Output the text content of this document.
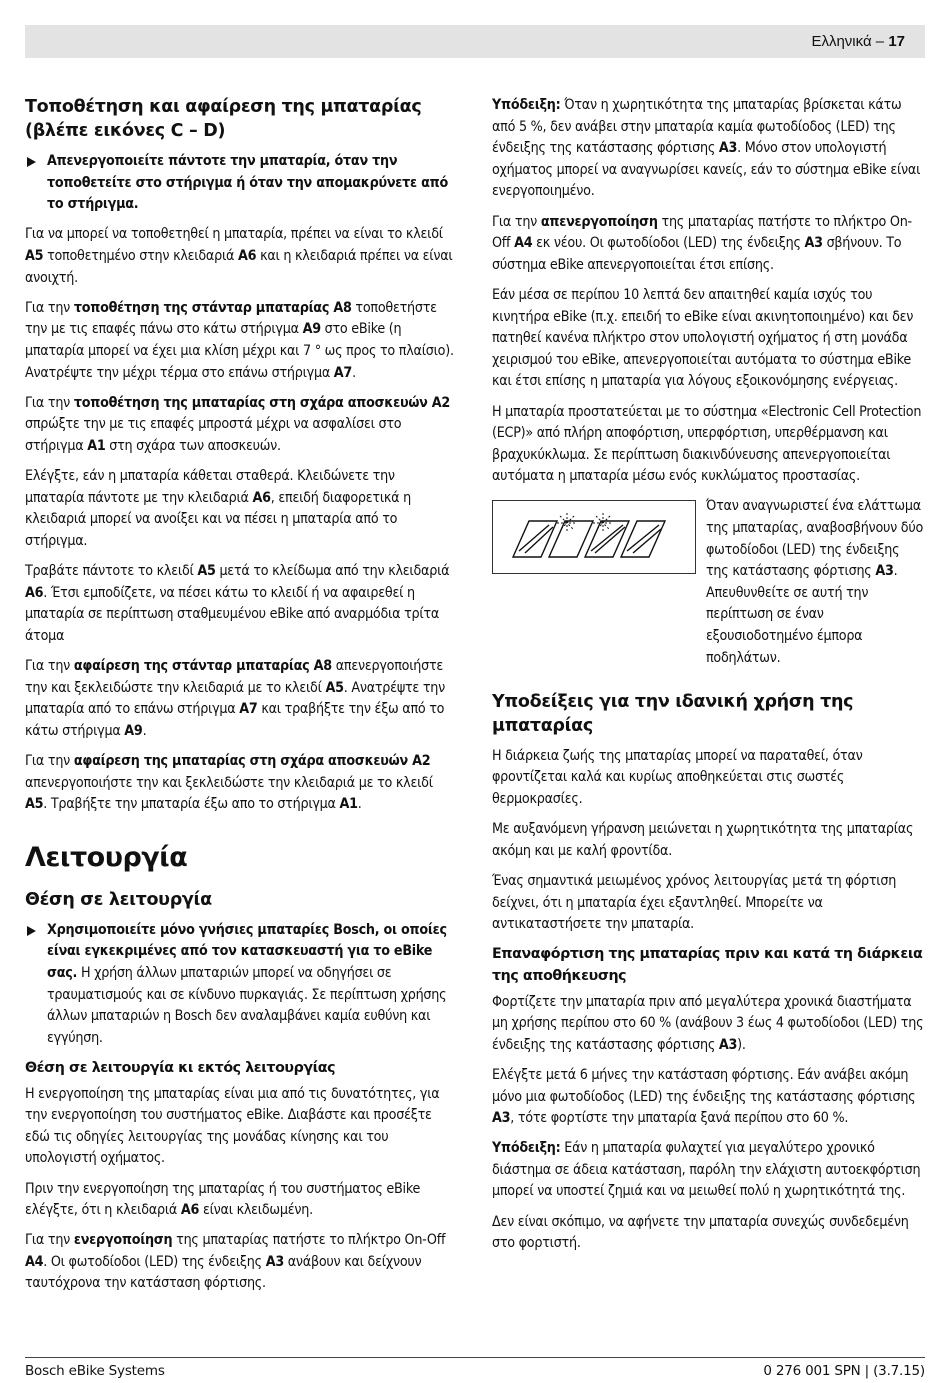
Ελληνικά – 17
Τοποθέτηση και αφαίρεση της μπαταρίας (βλέπε εικόνες C – D)

Απενεργοποιείτε πάντοτε την μπαταρία, όταν την τοποθετείτε στο στήριγμα ή όταν την απομακρύνετε από το στήριγμα.

Για να μπορεί να τοποθετηθεί η μπαταρία, πρέπει να είναι το κλειδί A5 τοποθετημένο στην κλειδαριά A6 και η κλειδαριά πρέπει να είναι ανοιχτή.

Για την τοποθέτηση της στάνταρ μπαταρίας A8 τοποθετήστε την με τις επαφές πάνω στο κάτω στήριγμα A9 στο eBike (η μπαταρία μπορεί να έχει μια κλίση μέχρι και 7 ° ως προς το πλαίσιο). Ανατρέψτε την μέχρι τέρμα στο επάνω στήριγμα A7.

Για την τοποθέτηση της μπαταρίας στη σχάρα αποσκευών A2 σπρώξτε την με τις επαφές μπροστά μέχρι να ασφαλίσει στο στήριγμα A1 στη σχάρα των αποσκευών.

Ελέγξτε, εάν η μπαταρία κάθεται σταθερά. Κλειδώνετε την μπαταρία πάντοτε με την κλειδαριά A6, επειδή διαφορετικά η κλειδαριά μπορεί να ανοίξει και να πέσει η μπαταρία από το στήριγμα.

Τραβάτε πάντοτε το κλειδί A5 μετά το κλείδωμα από την κλειδαριά A6. Έτσι εμποδίζετε, να πέσει κάτω το κλειδί ή να αφαιρεθεί η μπαταρία σε περίπτωση σταθμευμένου eBike από αναρμόδια τρίτα άτομα

Για την αφαίρεση της στάνταρ μπαταρίας A8 απενεργοποιήστε την και ξεκλειδώστε την κλειδαριά με το κλειδί A5. Ανατρέψτε την μπαταρία από το επάνω στήριγμα A7 και τραβήξτε την έξω από το κάτω στήριγμα A9.

Για την αφαίρεση της μπαταρίας στη σχάρα αποσκευών A2 απενεργοποιήστε την και ξεκλειδώστε την κλειδαριά με το κλειδί A5. Τραβήξτε την μπαταρία έξω απο το στήριγμα A1.

Λειτουργία
Θέση σε λειτουργία

Χρησιμοποιείτε μόνο γνήσιες μπαταρίες Bosch, οι οποίες είναι εγκεκριμένες από τον κατασκευαστή για το eBike σας. Η χρήση άλλων μπαταριών μπορεί να οδηγήσει σε τραυματισμούς και σε κίνδυνο πυρκαγιάς. Σε περίπτωση χρήσης άλλων μπαταριών η Bosch δεν αναλαμβάνει καμία ευθύνη και εγγύηση.

Θέση σε λειτουργία κι εκτός λειτουργίας

Η ενεργοποίηση της μπαταρίας είναι μια από τις δυνατότητες, για την ενεργοποίηση του συστήματος eBike. Διαβάστε και προσέξτε εδώ τις οδηγίες λειτουργίας της μονάδας κίνησης και του υπολογιστή οχήματος.

Πριν την ενεργοποίηση της μπαταρίας ή του συστήματος eBike ελέγξτε, ότι η κλειδαριά A6 είναι κλειδωμένη.

Για την ενεργοποίηση της μπαταρίας πατήστε το πλήκτρο On-Off A4. Οι φωτοδίοδοι (LED) της ένδειξης A3 ανάβουν και δείχνουν ταυτόχρονα την κατάσταση φόρτισης.

Υπόδειξη: Όταν η χωρητικότητα της μπαταρίας βρίσκεται κάτω από 5 %, δεν ανάβει στην μπαταρία καμία φωτοδίοδος (LED) της ένδειξης της κατάστασης φόρτισης A3. Μόνο στον υπολογιστή οχήματος μπορεί να αναγνωρίσει κανείς, εάν το σύστημα eBike είναι ενεργοποιημένο.

Για την απενεργοποίηση της μπαταρίας πατήστε το πλήκτρο On-Off A4 εκ νέου. Οι φωτοδίοδοι (LED) της ένδειξης A3 σβήνουν. Το σύστημα eBike απενεργοποιείται έτσι επίσης.

Εάν μέσα σε περίπου 10 λεπτά δεν απαιτηθεί καμία ισχύς του κινητήρα eBike (π.χ. επειδή το eBike είναι ακινητοποιημένο) και δεν πατηθεί κανένα πλήκτρο στον υπολογιστή οχήματος ή στη μονάδα χειρισμού του eBike, απενεργοποιείται αυτόματα το σύστημα eBike και έτσι επίσης η μπαταρία για λόγους εξοικονόμησης ενέργειας.

Η μπαταρία προστατεύεται με το σύστημα «Electronic Cell Protection (ECP)» από πλήρη αποφόρτιση, υπερφόρτιση, υπερθέρμανση και βραχυκύκλωμα. Σε περίπτωση διακινδύνευσης απενεργοποιείται αυτόματα η μπαταρία μέσω ενός κυκλώματος προστασίας.

Όταν αναγνωριστεί ένα ελάττωμα της μπαταρίας, αναβοσβήνουν δύο φωτοδίοδοι (LED) της ένδειξης της κατάστασης φόρτισης A3. Απευθυνθείτε σε αυτή την περίπτωση σε έναν εξουσιοδοτημένο έμπορα ποδηλάτων.

Υποδείξεις για την ιδανική χρήση της μπαταρίας

Η διάρκεια ζωής της μπαταρίας μπορεί να παραταθεί, όταν φροντίζεται καλά και κυρίως αποθηκεύεται στις σωστές θερμοκρασίες.

Με αυξανόμενη γήρανση μειώνεται η χωρητικότητα της μπαταρίας ακόμη και με καλή φροντίδα.

Ένας σημαντικά μειωμένος χρόνος λειτουργίας μετά τη φόρτιση δείχνει, ότι η μπαταρία έχει εξαντληθεί. Μπορείτε να αντικαταστήσετε την μπαταρία.

Επαναφόρτιση της μπαταρίας πριν και κατά τη διάρκεια της αποθήκευσης

Φορτίζετε την μπαταρία πριν από μεγαλύτερα χρονικά διαστήματα μη χρήσης περίπου στο 60 % (ανάβουν 3 έως 4 φωτοδίοδοι (LED) της ένδειξης της κατάστασης φόρτισης A3).

Ελέγξτε μετά 6 μήνες την κατάσταση φόρτισης. Εάν ανάβει ακόμη μόνο μια φωτοδίοδος (LED) της ένδειξης της κατάστασης φόρτισης A3, τότε φορτίστε την μπαταρία ξανά περίπου στο 60 %.

Υπόδειξη: Εάν η μπαταρία φυλαχτεί για μεγαλύτερο χρονικό διάστημα σε άδεια κατάσταση, παρόλη την ελάχιστη αυτοεκφόρτιση μπορεί να υποστεί ζημιά και να μειωθεί πολύ η χωρητικότητά της.

Δεν είναι σκόπιμο, να αφήνετε την μπαταρία συνεχώς συνδεδεμένη στο φορτιστή.

Bosch eBike Systems	0 276 001 SPN | (3.7.15)
